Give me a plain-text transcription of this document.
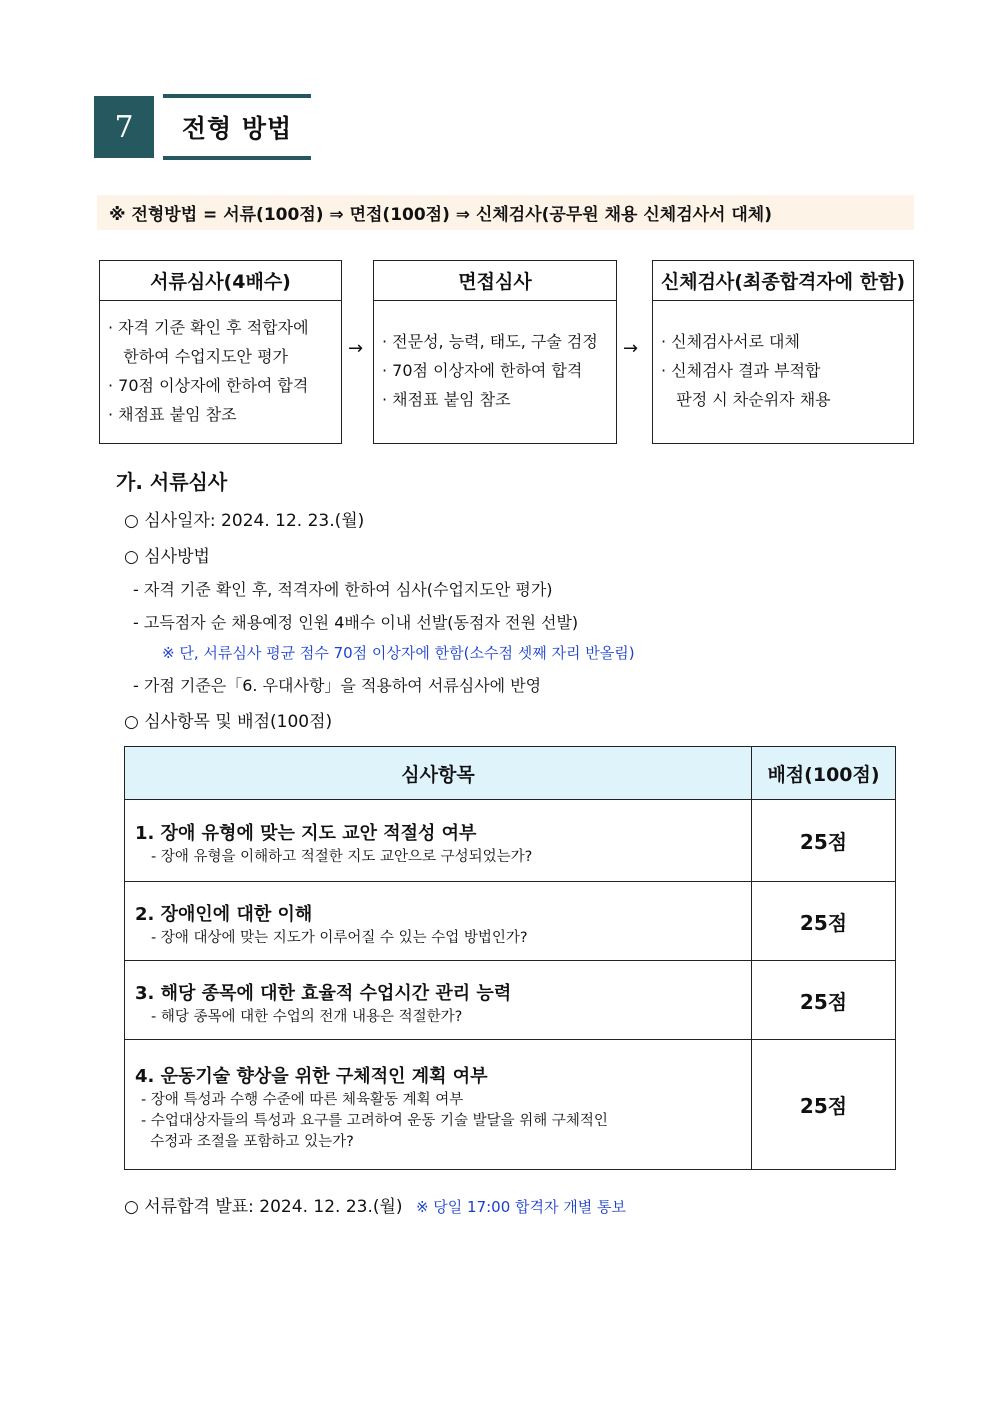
7	전형 방법
※ 전형방법 = 서류(100점) ⇒ 면접(100점) ⇒ 신체검사(공무원 채용 신체검사서 대체)
서류심사(4배수)
· 자격 기준 확인 후 적합자에
한하여 수업지도안 평가
· 70점 이상자에 한하여 합격
· 채점표 붙임 참조
→
면접심사
· 전문성, 능력, 태도, 구술 검정
· 70점 이상자에 한하여 합격
· 채점표 붙임 참조
→
신체검사(최종합격자에 한함)
· 신체검사서로 대체
· 신체검사 결과 부적합
판정 시 차순위자 채용
가. 서류심사
○ 심사일자: 2024. 12. 23.(월)
○ 심사방법
- 자격 기준 확인 후, 적격자에 한하여 심사(수업지도안 평가)
- 고득점자 순 채용예정 인원 4배수 이내 선발(동점자 전원 선발)
※ 단, 서류심사 평균 점수 70점 이상자에 한함(소수점 셋째 자리 반올림)
- 가점 기준은「6. 우대사항」을 적용하여 서류심사에 반영
○ 심사항목 및 배점(100점)
심사항목	배점(100점)

1. 장애 유형에 맞는 지도 교안 적절성 여부
- 장애 유형을 이해하고 적절한 지도 교안으로 구성되었는가?	25점

2. 장애인에 대한 이해
- 장애 대상에 맞는 지도가 이루어질 수 있는 수업 방법인가?	25점

3. 해당 종목에 대한 효율적 수업시간 관리 능력
- 해당 종목에 대한 수업의 전개 내용은 적절한가?	25점

4. 운동기술 향상을 위한 구체적인 계획 여부
- 장애 특성과 수행 수준에 따른 체육활동 계획 여부
- 수업대상자들의 특성과 요구를 고려하여 운동 기술 발달을 위해 구체적인
수정과 조절을 포함하고 있는가?	25점
○ 서류합격 발표: 2024. 12. 23.(월) ※ 당일 17:00 합격자 개별 통보
